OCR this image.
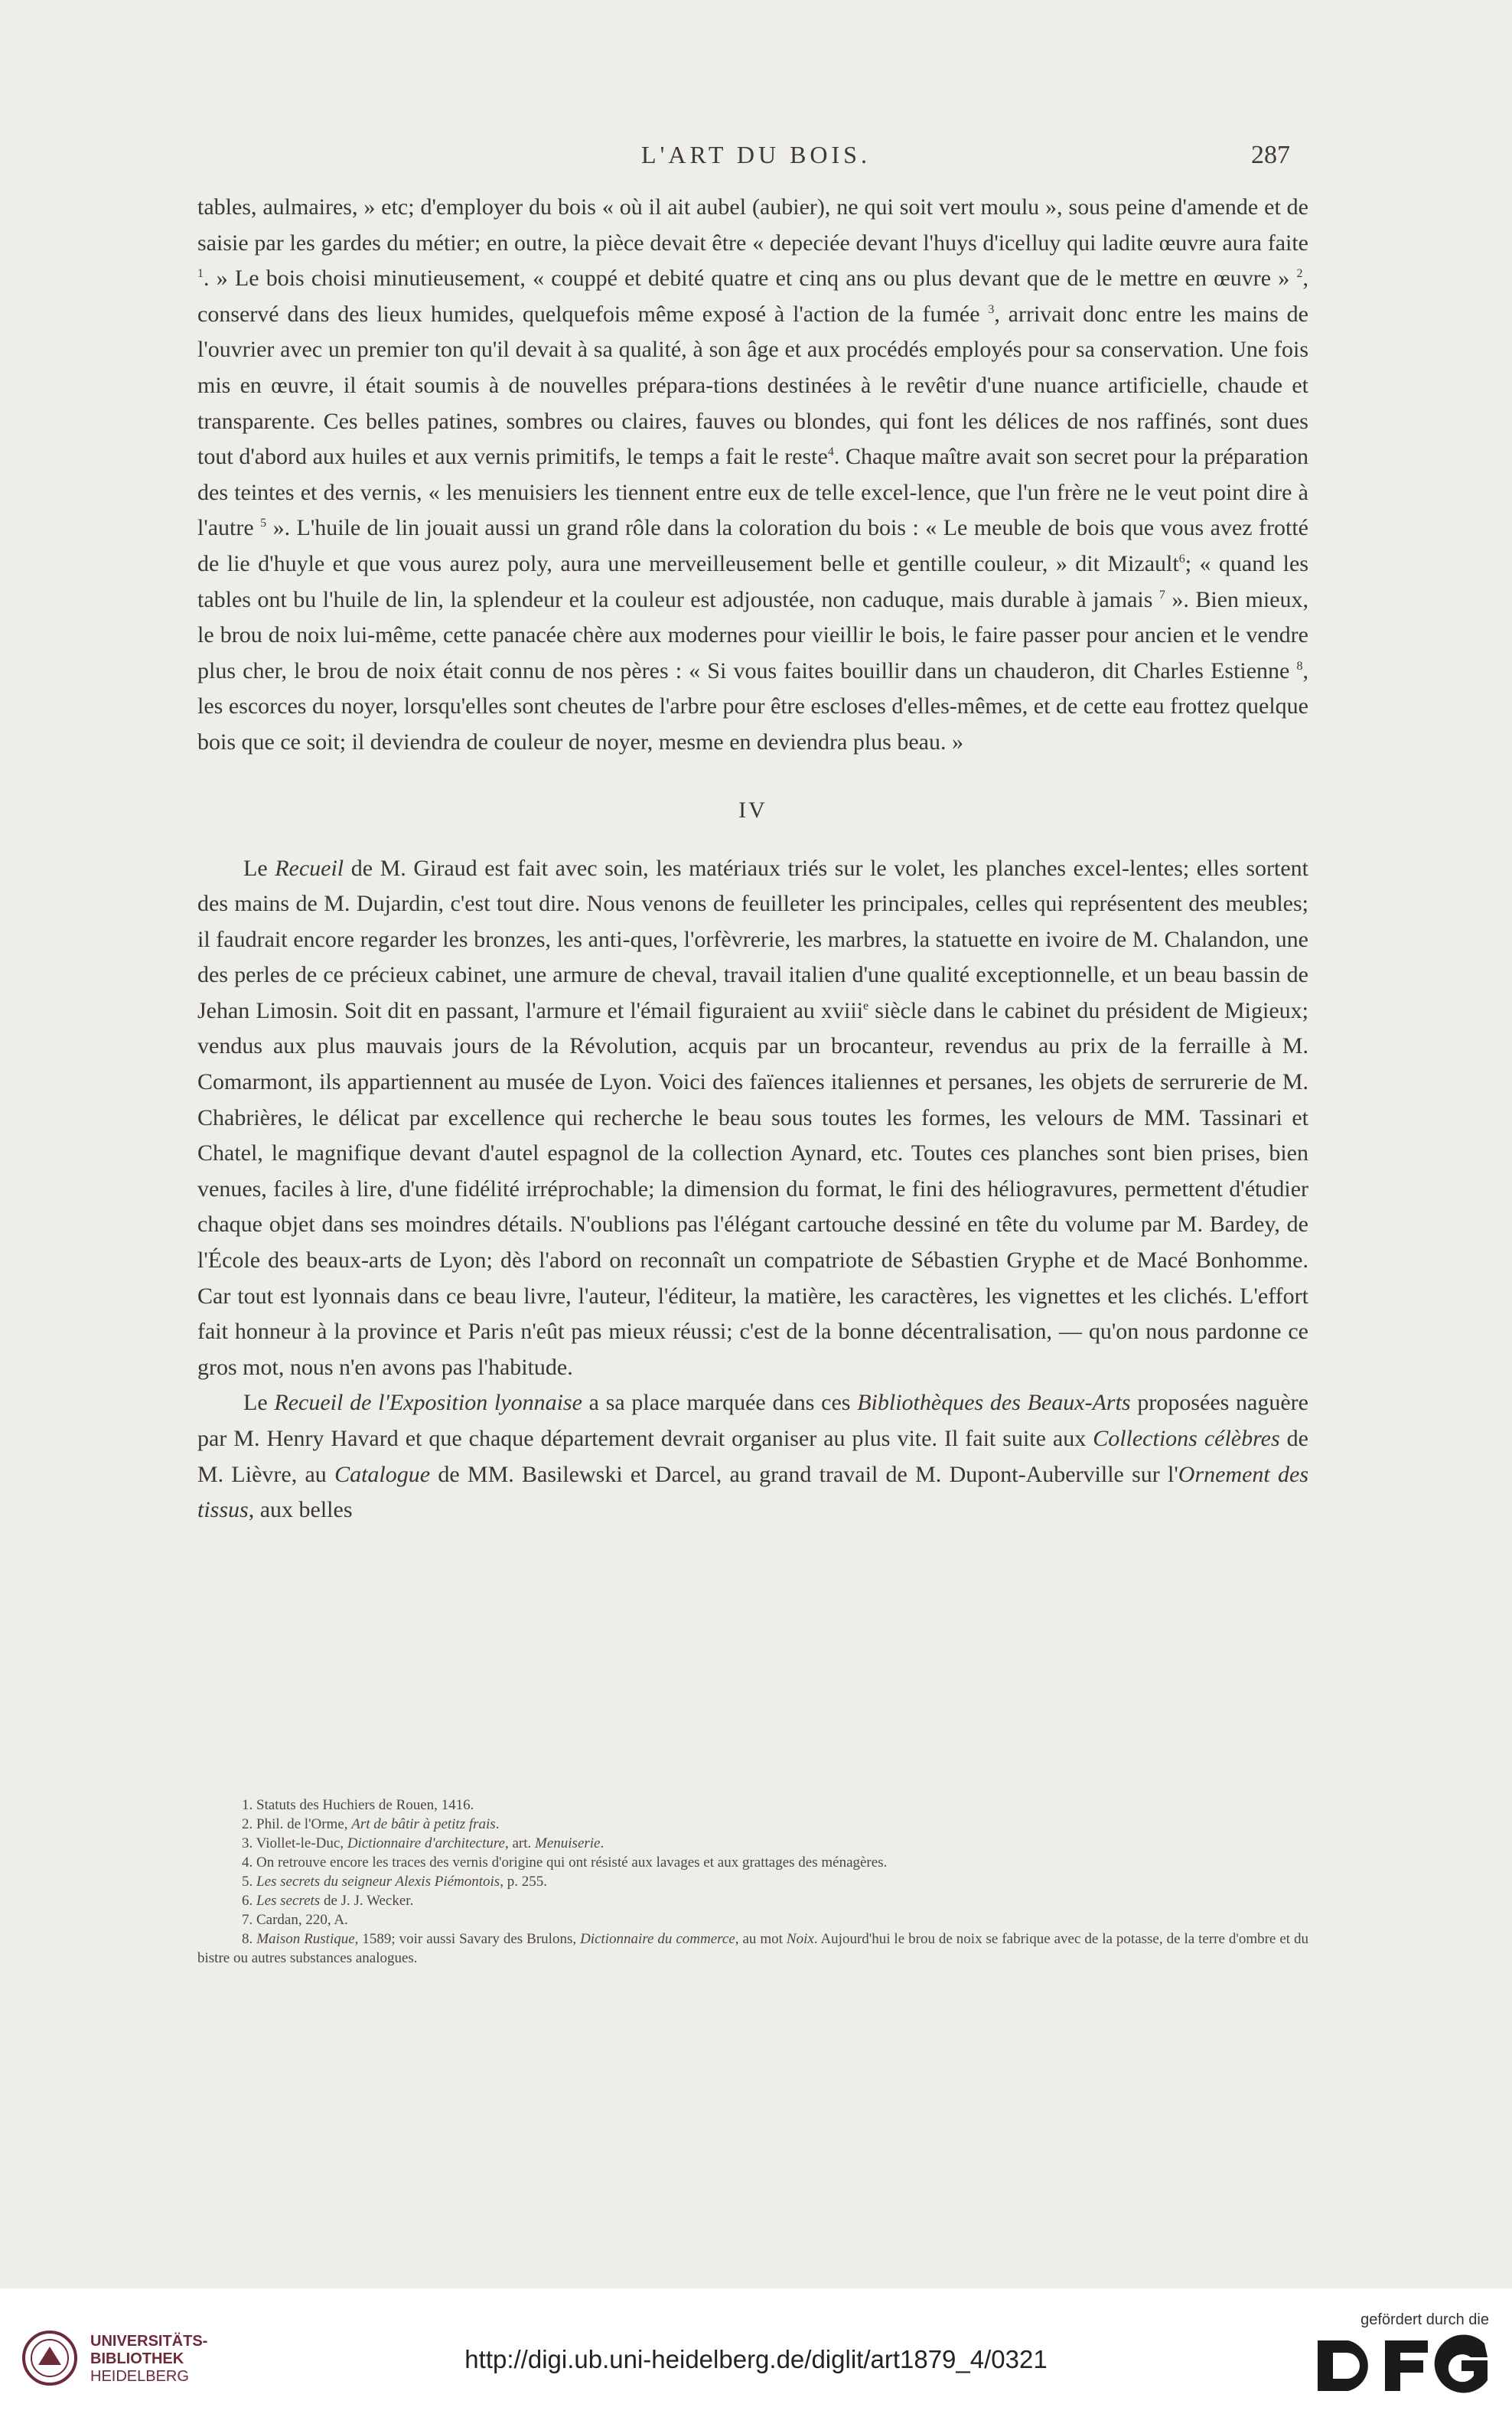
L'ART DU BOIS.	287

tables, aulmaires, » etc; d'employer du bois « où il ait aubel (aubier), ne qui soit vert moulu », sous peine d'amende et de saisie par les gardes du métier; en outre, la pièce devait être « depeciée devant l'huys d'icelluy qui ladite œuvre aura faite $^1$. » Le bois choisi minutieusement, « couppé et debité quatre et cinq ans ou plus devant que de le mettre en œuvre » $^2$, conservé dans des lieux humides, quelquefois même exposé à l'action de la fumée $^3$, arrivait donc entre les mains de l'ouvrier avec un premier ton qu'il devait à sa qualité, à son âge et aux procédés employés pour sa conservation. Une fois mis en œuvre, il était soumis à de nouvelles prépara-tions destinées à le revêtir d'une nuance artificielle, chaude et transparente. Ces belles patines, sombres ou claires, fauves ou blondes, qui font les délices de nos raffinés, sont dues tout d'abord aux huiles et aux vernis primitifs, le temps a fait le reste$^4$. Chaque maître avait son secret pour la préparation des teintes et des vernis, « les menuisiers les tiennent entre eux de telle excel-lence, que l'un frère ne le veut point dire à l'autre $^5$ ». L'huile de lin jouait aussi un grand rôle dans la coloration du bois : « Le meuble de bois que vous avez frotté de lie d'huyle et que vous aurez poly, aura une merveilleusement belle et gentille couleur, » dit Mizault$^6$; « quand les tables ont bu l'huile de lin, la splendeur et la couleur est adjoustée, non caduque, mais durable à jamais $^7$ ». Bien mieux, le brou de noix lui-même, cette panacée chère aux modernes pour vieillir le bois, le faire passer pour ancien et le vendre plus cher, le brou de noix était connu de nos pères : « Si vous faites bouillir dans un chauderon, dit Charles Estienne $^8$, les escorces du noyer, lorsqu'elles sont cheutes de l'arbre pour être escloses d'elles-mêmes, et de cette eau frottez quelque bois que ce soit; il deviendra de couleur de noyer, mesme en deviendra plus beau. »

IV

Le Recueil de M. Giraud est fait avec soin, les matériaux triés sur le volet, les planches excel-lentes; elles sortent des mains de M. Dujardin, c'est tout dire. Nous venons de feuilleter les principales, celles qui représentent des meubles; il faudrait encore regarder les bronzes, les anti-ques, l'orfèvrerie, les marbres, la statuette en ivoire de M. Chalandon, une des perles de ce précieux cabinet, une armure de cheval, travail italien d'une qualité exceptionnelle, et un beau bassin de Jehan Limosin. Soit dit en passant, l'armure et l'émail figuraient au xviii$^e$ siècle dans le cabinet du président de Migieux; vendus aux plus mauvais jours de la Révolution, acquis par un brocanteur, revendus au prix de la ferraille à M. Comarmont, ils appartiennent au musée de Lyon. Voici des faïences italiennes et persanes, les objets de serrurerie de M. Chabrières, le délicat par excellence qui recherche le beau sous toutes les formes, les velours de MM. Tassinari et Chatel, le magnifique devant d'autel espagnol de la collection Aynard, etc. Toutes ces planches sont bien prises, bien venues, faciles à lire, d'une fidélité irréprochable; la dimension du format, le fini des héliogravures, permettent d'étudier chaque objet dans ses moindres détails. N'oublions pas l'élégant cartouche dessiné en tête du volume par M. Bardey, de l'École des beaux-arts de Lyon; dès l'abord on reconnaît un compatriote de Sébastien Gryphe et de Macé Bonhomme. Car tout est lyonnais dans ce beau livre, l'auteur, l'éditeur, la matière, les caractères, les vignettes et les clichés. L'effort fait honneur à la province et Paris n'eût pas mieux réussi; c'est de la bonne décentralisation, — qu'on nous pardonne ce gros mot, nous n'en avons pas l'habitude.

Le Recueil de l'Exposition lyonnaise a sa place marquée dans ces Bibliothèques des Beaux-Arts proposées naguère par M. Henry Havard et que chaque département devrait organiser au plus vite. Il fait suite aux Collections célèbres de M. Lièvre, au Catalogue de MM. Basilewski et Darcel, au grand travail de M. Dupont-Auberville sur l'Ornement des tissus, aux belles

1. Statuts des Huchiers de Rouen, 1416.

2. Phil. de l'Orme, Art de bâtir à petitz frais.

3. Viollet-le-Duc, Dictionnaire d'architecture, art. Menuiserie.

4. On retrouve encore les traces des vernis d'origine qui ont résisté aux lavages et aux grattages des ménagères.

5. Les secrets du seigneur Alexis Piémontois, p. 255.

6. Les secrets de J. J. Wecker.

7. Cardan, 220, A.

8. Maison Rustique, 1589; voir aussi Savary des Brulons, Dictionnaire du commerce, au mot Noix. Aujourd'hui le brou de noix se fabrique avec de la potasse, de la terre d'ombre et du bistre ou autres substances analogues.

UNIVERSITÄTS-
BIBLIOTHEK
HEIDELBERG
http://digi.ub.uni-heidelberg.de/diglit/art1879_4/0321
gefördert durch die
